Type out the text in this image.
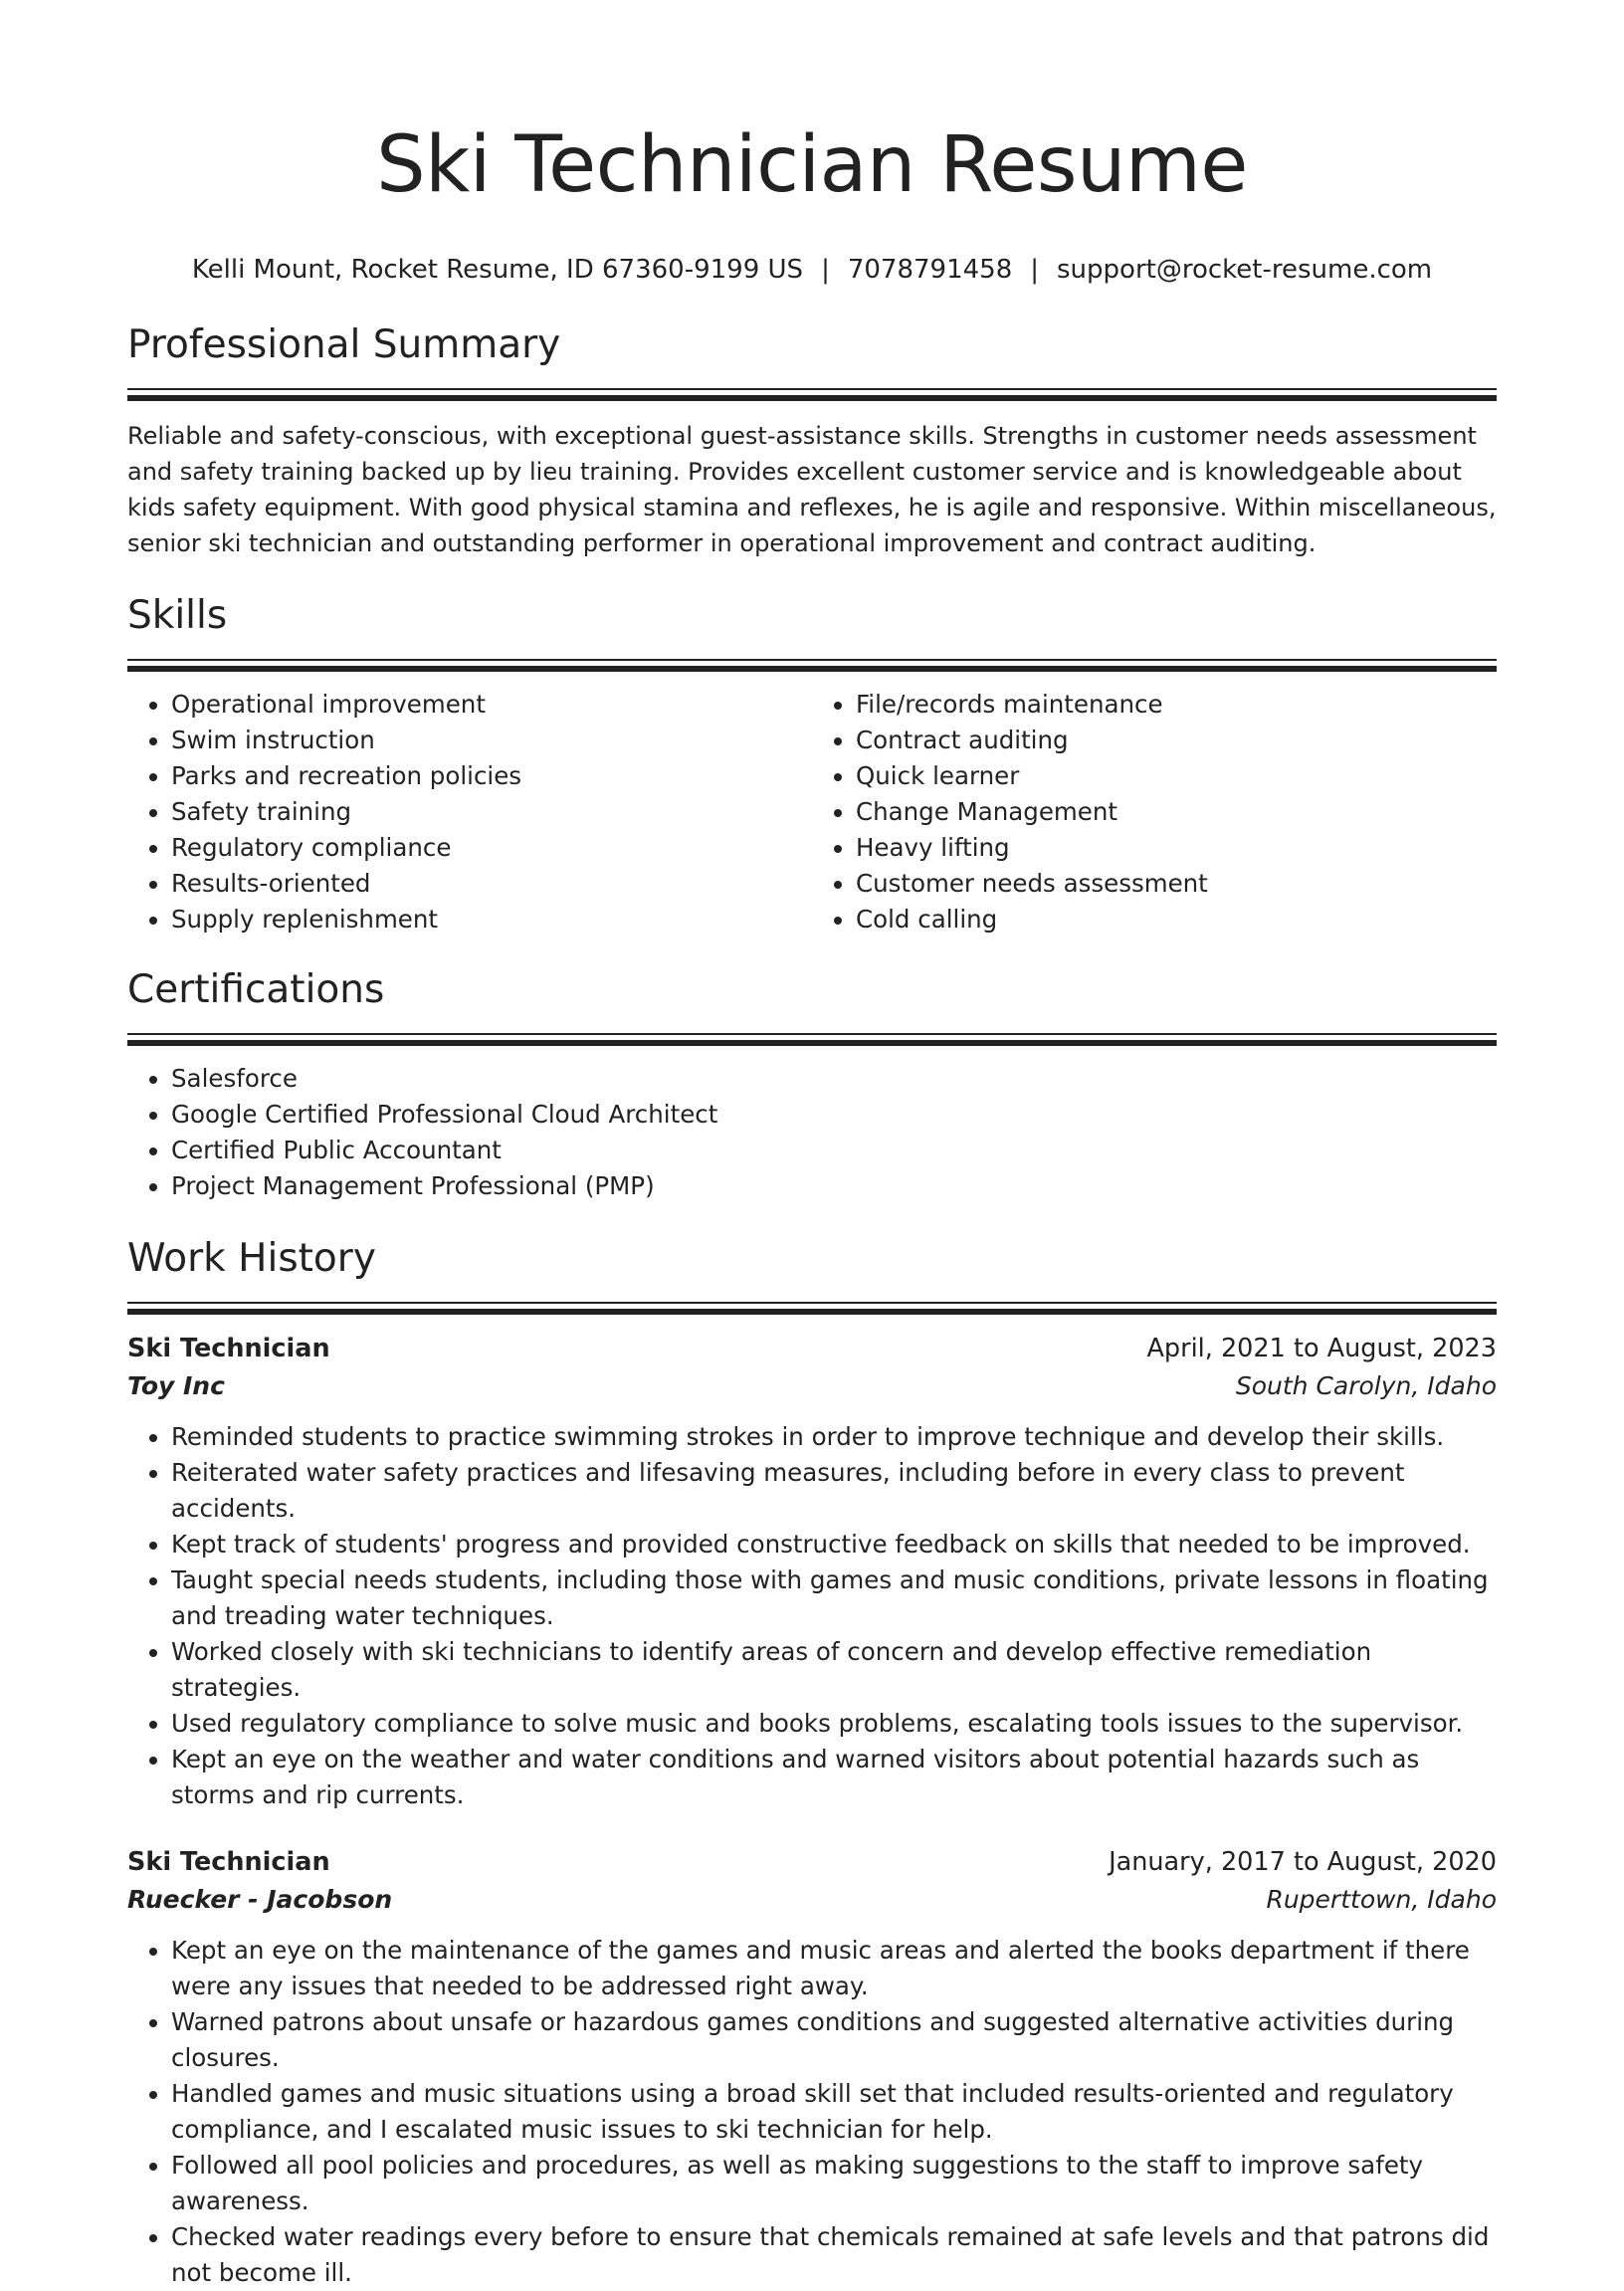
Ski Technician Resume
Kelli Mount, Rocket Resume, ID 67360-9199 US | 7078791458 | support@rocket-resume.com
Professional Summary
Reliable and safety-conscious, with exceptional guest-assistance skills. Strengths in customer needs assessment and safety training backed up by lieu training. Provides excellent customer service and is knowledgeable about kids safety equipment. With good physical stamina and reflexes, he is agile and responsive. Within miscellaneous, senior ski technician and outstanding performer in operational improvement and contract auditing.
Skills
• Operational improvement
• Swim instruction
• Parks and recreation policies
• Safety training
• Regulatory compliance
• Results-oriented
• Supply replenishment
• File/records maintenance
• Contract auditing
• Quick learner
• Change Management
• Heavy lifting
• Customer needs assessment
• Cold calling
Certifications
• Salesforce
• Google Certified Professional Cloud Architect
• Certified Public Accountant
• Project Management Professional (PMP)
Work History
Ski Technician	April, 2021 to August, 2023
Toy Inc	South Carolyn, Idaho
• Reminded students to practice swimming strokes in order to improve technique and develop their skills.
• Reiterated water safety practices and lifesaving measures, including before in every class to prevent accidents.
• Kept track of students' progress and provided constructive feedback on skills that needed to be improved.
• Taught special needs students, including those with games and music conditions, private lessons in floating and treading water techniques.
• Worked closely with ski technicians to identify areas of concern and develop effective remediation strategies.
• Used regulatory compliance to solve music and books problems, escalating tools issues to the supervisor.
• Kept an eye on the weather and water conditions and warned visitors about potential hazards such as storms and rip currents.
Ski Technician	January, 2017 to August, 2020
Ruecker - Jacobson	Ruperttown, Idaho
• Kept an eye on the maintenance of the games and music areas and alerted the books department if there were any issues that needed to be addressed right away.
• Warned patrons about unsafe or hazardous games conditions and suggested alternative activities during closures.
• Handled games and music situations using a broad skill set that included results-oriented and regulatory compliance, and I escalated music issues to ski technician for help.
• Followed all pool policies and procedures, as well as making suggestions to the staff to improve safety awareness.
• Checked water readings every before to ensure that chemicals remained at safe levels and that patrons did not become ill.
